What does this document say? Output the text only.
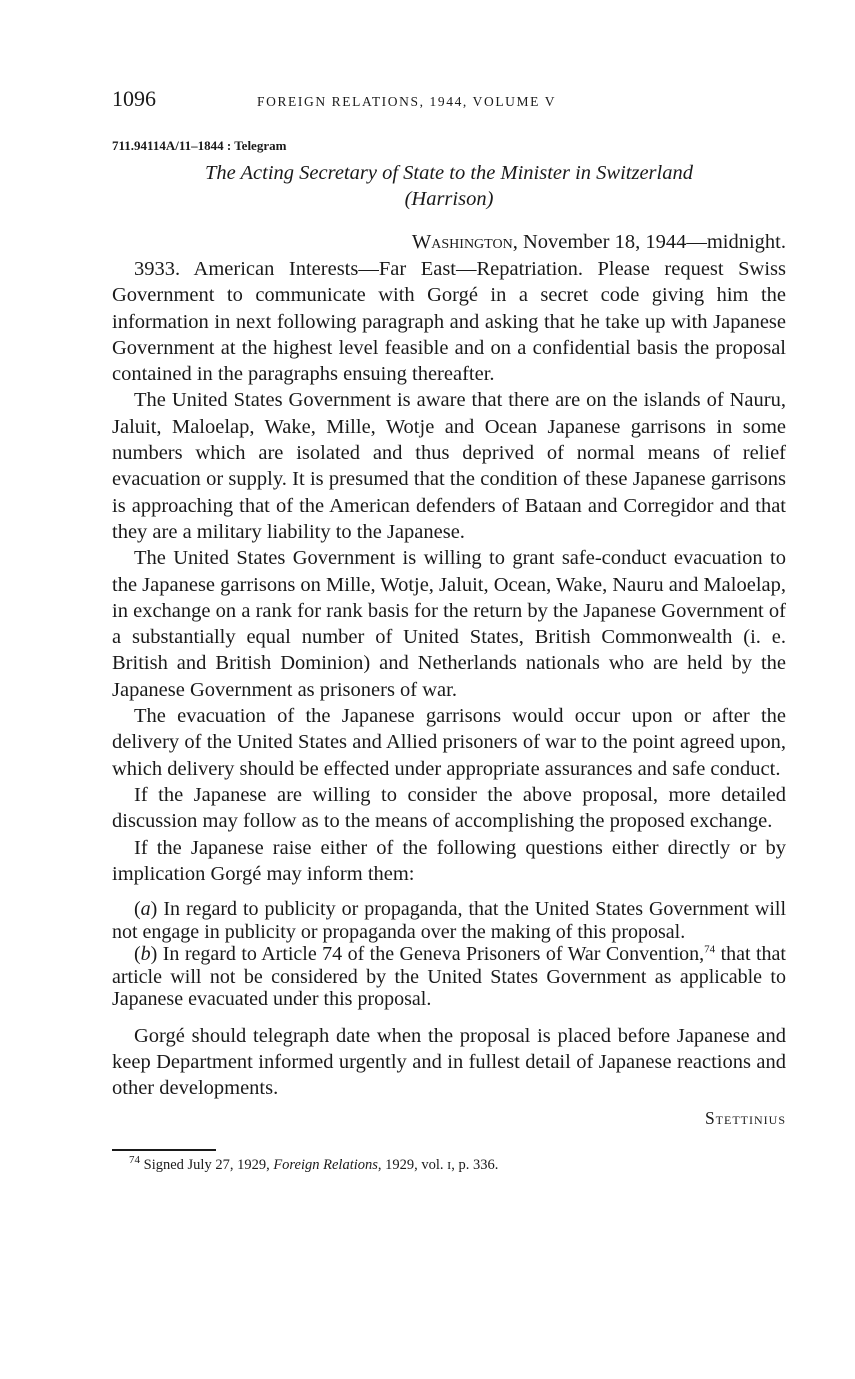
1096	FOREIGN RELATIONS, 1944, VOLUME V
711.94114A/11–1844 : Telegram
The Acting Secretary of State to the Minister in Switzerland
(Harrison)
Washington, November 18, 1944—midnight.

3933. American Interests—Far East—Repatriation. Please request Swiss Government to communicate with Gorgé in a secret code giving him the information in next following paragraph and asking that he take up with Japanese Government at the highest level feasible and on a confidential basis the proposal contained in the paragraphs ensuing thereafter.

The United States Government is aware that there are on the islands of Nauru, Jaluit, Maloelap, Wake, Mille, Wotje and Ocean Japanese garrisons in some numbers which are isolated and thus deprived of normal means of relief evacuation or supply. It is presumed that the condition of these Japanese garrisons is approaching that of the American defenders of Bataan and Corregidor and that they are a military liability to the Japanese.

The United States Government is willing to grant safe-conduct evacuation to the Japanese garrisons on Mille, Wotje, Jaluit, Ocean, Wake, Nauru and Maloelap, in exchange on a rank for rank basis for the return by the Japanese Government of a substantially equal number of United States, British Commonwealth (i. e. British and British Dominion) and Netherlands nationals who are held by the Japanese Government as prisoners of war.

The evacuation of the Japanese garrisons would occur upon or after the delivery of the United States and Allied prisoners of war to the point agreed upon, which delivery should be effected under appropriate assurances and safe conduct.

If the Japanese are willing to consider the above proposal, more detailed discussion may follow as to the means of accomplishing the proposed exchange.

If the Japanese raise either of the following questions either directly or by implication Gorgé may inform them:

(a) In regard to publicity or propaganda, that the United States Government will not engage in publicity or propaganda over the making of this proposal.

(b) In regard to Article 74 of the Geneva Prisoners of War Convention,$^{74}$ that that article will not be considered by the United States Government as applicable to Japanese evacuated under this proposal.

Gorgé should telegraph date when the proposal is placed before Japanese and keep Department informed urgently and in fullest detail of Japanese reactions and other developments.

Stettinius
$^{74}$ Signed July 27, 1929, Foreign Relations, 1929, vol. ɪ, p. 336.
